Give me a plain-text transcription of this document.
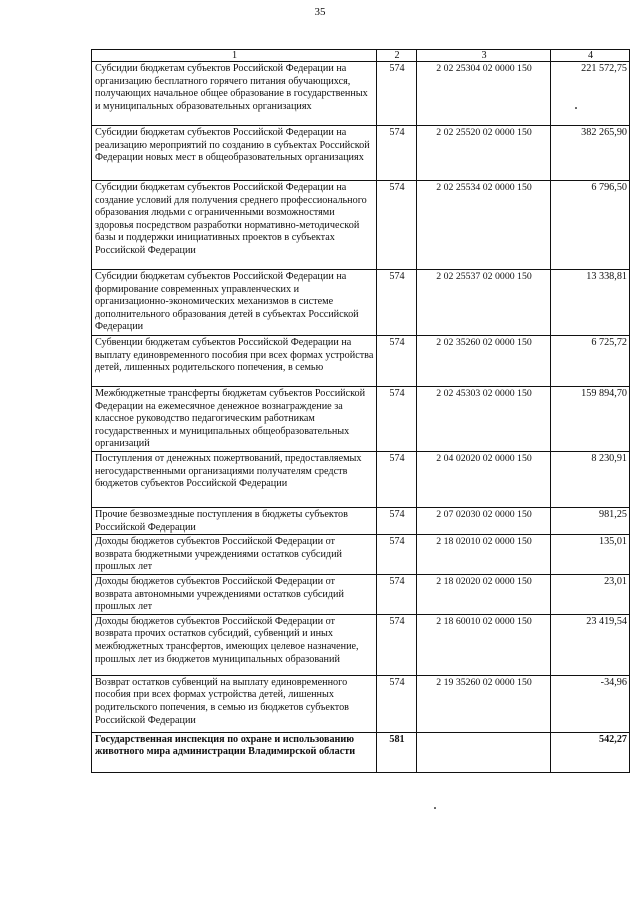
35
1	2	3	4
Субсидии бюджетам субъектов Российской Федерации на организацию бесплатного горячего питания обучающихся, получающих начальное общее образование в государственных и муниципальных образовательных организациях	574	2 02 25304 02 0000 150	221 572,75
Субсидии бюджетам субъектов Российской Федерации на реализацию мероприятий по созданию в субъектах Российской Федерации новых мест в общеобразовательных организациях	574	2 02 25520 02 0000 150	382 265,90
Субсидии бюджетам субъектов Российской Федерации на создание условий для получения среднего профессионального образования людьми с ограниченными возможностями здоровья посредством разработки нормативно-методической базы и поддержки инициативных проектов в субъектах Российской Федерации	574	2 02 25534 02 0000 150	6 796,50
Субсидии бюджетам субъектов Российской Федерации на формирование современных управленческих и организационно-экономических механизмов в системе дополнительного образования детей в субъектах Российской Федерации	574	2 02 25537 02 0000 150	13 338,81
Субвенции бюджетам субъектов Российской Федерации на выплату единовременного пособия при всех формах устройства детей, лишенных родительского попечения, в семью	574	2 02 35260 02 0000 150	6 725,72
Межбюджетные трансферты бюджетам субъектов Российской Федерации на ежемесячное денежное вознаграждение за классное руководство педагогическим работникам государственных и муниципальных общеобразовательных организаций	574	2 02 45303 02 0000 150	159 894,70
Поступления от денежных пожертвований, предоставляемых негосударственными организациями получателям средств бюджетов субъектов Российской Федерации	574	2 04 02020 02 0000 150	8 230,91
Прочие безвозмездные поступления в бюджеты субъектов Российской Федерации	574	2 07 02030 02 0000 150	981,25
Доходы бюджетов субъектов Российской Федерации от возврата бюджетными учреждениями остатков субсидий прошлых лет	574	2 18 02010 02 0000 150	135,01
Доходы бюджетов субъектов Российской Федерации от возврата автономными учреждениями остатков субсидий прошлых лет	574	2 18 02020 02 0000 150	23,01
Доходы бюджетов субъектов Российской Федерации от возврата прочих остатков субсидий, субвенций и иных межбюджетных трансфертов, имеющих целевое назначение, прошлых лет из бюджетов муниципальных образований	574	2 18 60010 02 0000 150	23 419,54
Возврат остатков субвенций на выплату единовременного пособия при всех формах устройства детей, лишенных родительского попечения, в семью из бюджетов субъектов Российской Федерации	574	2 19 35260 02 0000 150	-34,96
Государственная инспекция по охране и использованию животного мира администрации Владимирской области	581		542,27
